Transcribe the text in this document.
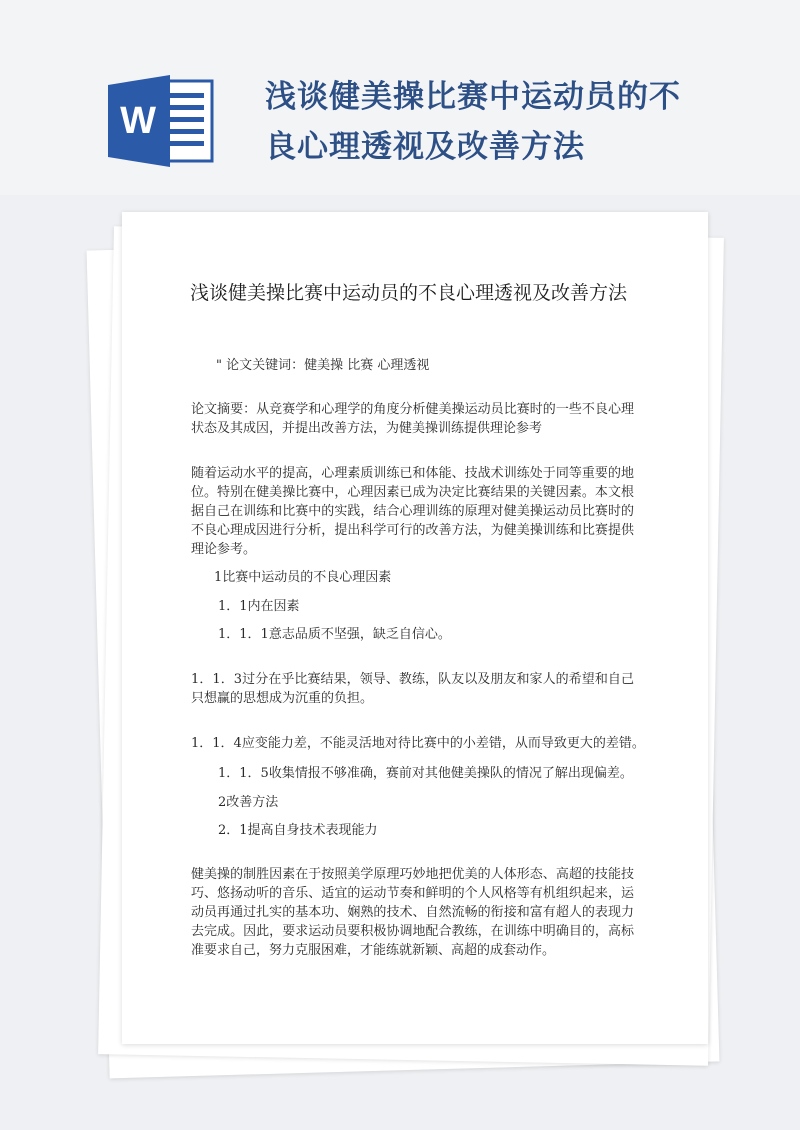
W
浅谈健美操比赛中运动员的不良心理透视及改善方法
浅谈健美操比赛中运动员的不良心理透视及改善方法
" 论文关键词：健美操 比赛 心理透视
论文摘要：从竞赛学和心理学的角度分析健美操运动员比赛时的一些不良心理状态及其成因，并提出改善方法，为健美操训练提供理论参考
随着运动水平的提高，心理素质训练已和体能、技战术训练处于同等重要的地位。特别在健美操比赛中，心理因素已成为决定比赛结果的关键因素。本文根据自己在训练和比赛中的实践，结合心理训练的原理对健美操运动员比赛时的不良心理成因进行分析，提出科学可行的改善方法，为健美操训练和比赛提供理论参考。
1比赛中运动员的不良心理因素
1．1内在因素
1．1．1意志品质不坚强，缺乏自信心。
1．1．3过分在乎比赛结果，领导、教练，队友以及朋友和家人的希望和自己只想赢的思想成为沉重的负担。
1．1．4应变能力差，不能灵活地对待比赛中的小差错，从而导致更大的差错。
1．1．5收集情报不够准确，赛前对其他健美操队的情况了解出现偏差。
2改善方法
2．1提高自身技术表现能力
健美操的制胜因素在于按照美学原理巧妙地把优美的人体形态、高超的技能技巧、悠扬动听的音乐、适宜的运动节奏和鲜明的个人风格等有机组织起来，运动员再通过扎实的基本功、娴熟的技术、自然流畅的衔接和富有超人的表现力去完成。因此，要求运动员要积极协调地配合教练，在训练中明确目的，高标准要求自己，努力克服困难，才能练就新颖、高超的成套动作。
